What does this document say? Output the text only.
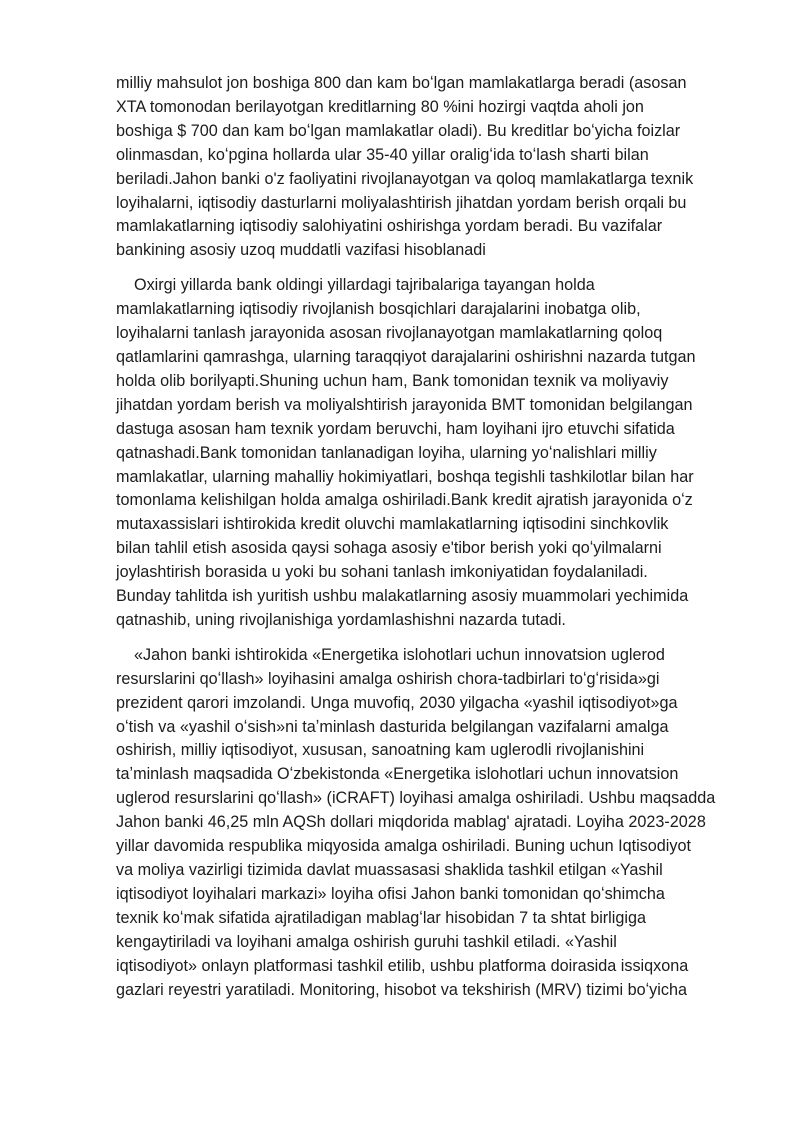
milliy mahsulot jon boshiga 800 dan kam boʻlgan mamlakatlarga beradi (asosan
XTA tomonodan berilayotgan kreditlarning 80 %ini hozirgi vaqtda aholi jon
boshiga $ 700 dan kam boʻlgan mamlakatlar oladi). Bu kreditlar boʻyicha foizlar
olinmasdan, koʻpgina hollarda ular 35-40 yillar oraligʻida toʻlash sharti bilan
beriladi.Jahon banki o'z faoliyatini rivojlanayotgan va qoloq mamlakatlarga texnik
loyihalarni, iqtisodiy dasturlarni moliyalashtirish jihatdan yordam berish orqali bu
mamlakatlarning iqtisodiy salohiyatini oshirishga yordam beradi. Bu vazifalar
bankining asosiy uzoq muddatli vazifasi hisoblanadi
Oxirgi yillarda bank oldingi yillardagi tajribalariga tayangan holda
mamlakatlarning iqtisodiy rivojlanish bosqichlari darajalarini inobatga olib,
loyihalarni tanlash jarayonida asosan rivojlanayotgan mamlakatlarning qoloq
qatlamlarini qamrashga, ularning taraqqiyot darajalarini oshirishni nazarda tutgan
holda olib borilyapti.Shuning uchun ham, Bank tomonidan texnik va moliyaviy
jihatdan yordam berish va moliyalshtirish jarayonida BMT tomonidan belgilangan
dastuga asosan ham texnik yordam beruvchi, ham loyihani ijro etuvchi sifatida
qatnashadi.Bank tomonidan tanlanadigan loyiha, ularning yoʻnalishlari milliy
mamlakatlar, ularning mahalliy hokimiyatlari, boshqa tegishli tashkilotlar bilan har
tomonlama kelishilgan holda amalga oshiriladi.Bank kredit ajratish jarayonida oʻz
mutaxassislari ishtirokida kredit oluvchi mamlakatlarning iqtisodini sinchkovlik
bilan tahlil etish asosida qaysi sohaga asosiy e'tibor berish yoki qoʻyilmalarni
joylashtirish borasida u yoki bu sohani tanlash imkoniyatidan foydalaniladi.
Bunday tahlitda ish yuritish ushbu malakatlarning asosiy muammolari yechimida
qatnashib, uning rivojlanishiga yordamlashishni nazarda tutadi.
«Jahon banki ishtirokida «Energetika islohotlari uchun innovatsion uglerod
resurslarini qoʻllash» loyihasini amalga oshirish chora-tadbirlari toʻgʻrisida»gi
prezident qarori imzolandi. Unga muvofiq, 2030 yilgacha «yashil iqtisodiyot»ga
oʻtish va «yashil oʻsish»ni taʼminlash dasturida belgilangan vazifalarni amalga
oshirish, milliy iqtisodiyot, xususan, sanoatning kam uglerodli rivojlanishini
taʼminlash maqsadida Oʻzbekistonda «Energetika islohotlari uchun innovatsion
uglerod resurslarini qoʻllash» (iCRAFT) loyihasi amalga oshiriladi. Ushbu maqsadda
Jahon banki 46,25 mln AQSh dollari miqdorida mablag' ajratadi. Loyiha 2023-2028
yillar davomida respublika miqyosida amalga oshiriladi. Buning uchun Iqtisodiyot
va moliya vazirligi tizimida davlat muassasasi shaklida tashkil etilgan «Yashil
iqtisodiyot loyihalari markazi» loyiha ofisi Jahon banki tomonidan qoʻshimcha
texnik koʻmak sifatida ajratiladigan mablagʻlar hisobidan 7 ta shtat birligiga
kengaytiriladi va loyihani amalga oshirish guruhi tashkil etiladi. «Yashil
iqtisodiyot» onlayn platformasi tashkil etilib, ushbu platforma doirasida issiqxona
gazlari reyestri yaratiladi. Monitoring, hisobot va tekshirish (MRV) tizimi boʻyicha
